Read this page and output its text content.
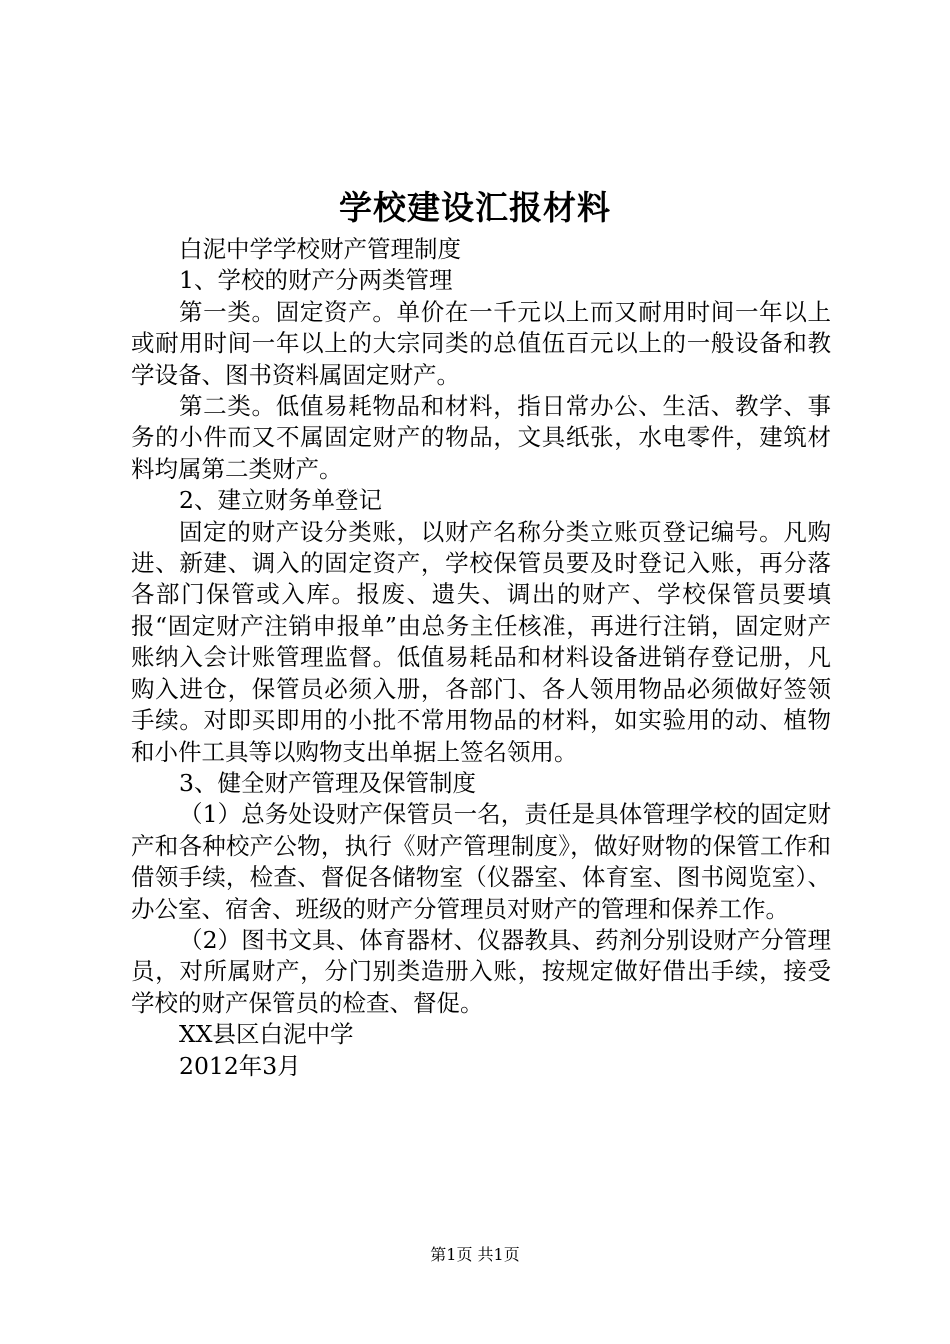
学校建设汇报材料

白泥中学学校财产管理制度

1、学校的财产分两类管理

第一类。固定资产。单价在一千元以上而又耐用时间一年以上或耐用时间一年以上的大宗同类的总值伍百元以上的一般设备和教学设备、图书资料属固定财产。

第二类。低值易耗物品和材料，指日常办公、生活、教学、事务的小件而又不属固定财产的物品，文具纸张，水电零件，建筑材料均属第二类财产。

2、建立财务单登记

固定的财产设分类账，以财产名称分类立账页登记编号。凡购进、新建、调入的固定资产，学校保管员要及时登记入账，再分落各部门保管或入库。报废、遗失、调出的财产、学校保管员要填报“固定财产注销申报单”由总务主任核准，再进行注销，固定财产账纳入会计账管理监督。低值易耗品和材料设备进销存登记册，凡购入进仓，保管员必须入册，各部门、各人领用物品必须做好签领手续。对即买即用的小批不常用物品的材料，如实验用的动、植物和小件工具等以购物支出单据上签名领用。

3、健全财产管理及保管制度

（1）总务处设财产保管员一名，责任是具体管理学校的固定财产和各种校产公物，执行《财产管理制度》，做好财物的保管工作和借领手续，检查、督促各储物室（仪器室、体育室、图书阅览室）、办公室、宿舍、班级的财产分管理员对财产的管理和保养工作。

（2）图书文具、体育器材、仪器教具、药剂分别设财产分管理员，对所属财产，分门别类造册入账，按规定做好借出手续，接受学校的财产保管员的检查、督促。

XX县区白泥中学

2012年3月

第1页 共1页
